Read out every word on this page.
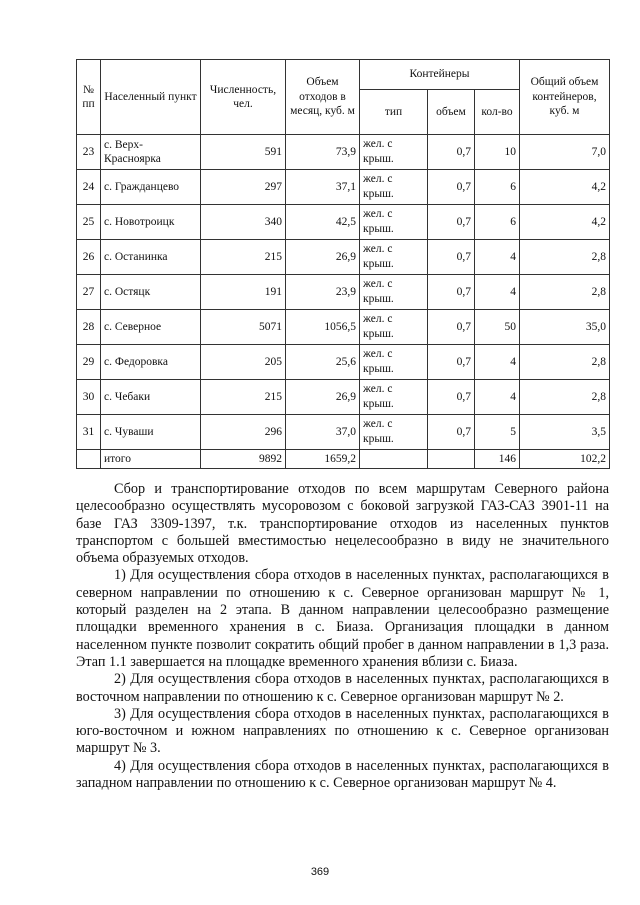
№ пп	Населенный пункт	Численность, чел.	Объем отходов в месяц, куб. м	Контейнеры			Общий объем контейнеров, куб. м
				тип	объем	кол-во	
23	с. Верх-Красноярка	591	73,9	жел. с крыш.	0,7	10	7,0
24	с. Гражданцево	297	37,1	жел. с крыш.	0,7	6	4,2
25	с. Новотроицк	340	42,5	жел. с крыш.	0,7	6	4,2
26	с. Останинка	215	26,9	жел. с крыш.	0,7	4	2,8
27	с. Остяцк	191	23,9	жел. с крыш.	0,7	4	2,8
28	с. Северное	5071	1056,5	жел. с крыш.	0,7	50	35,0
29	с. Федоровка	205	25,6	жел. с крыш.	0,7	4	2,8
30	с. Чебаки	215	26,9	жел. с крыш.	0,7	4	2,8
31	с. Чуваши	296	37,0	жел. с крыш.	0,7	5	3,5
	итого	9892	1659,2			146	102,2

Сбор и транспортирование отходов по всем маршрутам Северного района целесообразно осуществлять мусоровозом с боковой загрузкой ГАЗ-САЗ 3901-11 на базе ГАЗ 3309-1397, т.к. транспортирование отходов из населенных пунктов транспортом с большей вместимостью нецелесообразно в виду не значительного объема образуемых отходов.

1) Для осуществления сбора отходов в населенных пунктах, располагающихся в северном направлении по отношению к с. Северное организован маршрут № 1, который разделен на 2 этапа. В данном направлении целесообразно размещение площадки временного хранения в с. Биаза. Организация площадки в данном населенном пункте позволит сократить общий пробег в данном направлении в 1,3 раза. Этап 1.1 завершается на площадке временного хранения вблизи с. Биаза.

2) Для осуществления сбора отходов в населенных пунктах, располагающихся в восточном направлении по отношению к с. Северное организован маршрут № 2.

3) Для осуществления сбора отходов в населенных пунктах, располагающихся в юго-восточном и южном направлениях по отношению к с. Северное организован маршрут № 3.

4) Для осуществления сбора отходов в населенных пунктах, располагающихся в западном направлении по отношению к с. Северное организован маршрут № 4.

369
